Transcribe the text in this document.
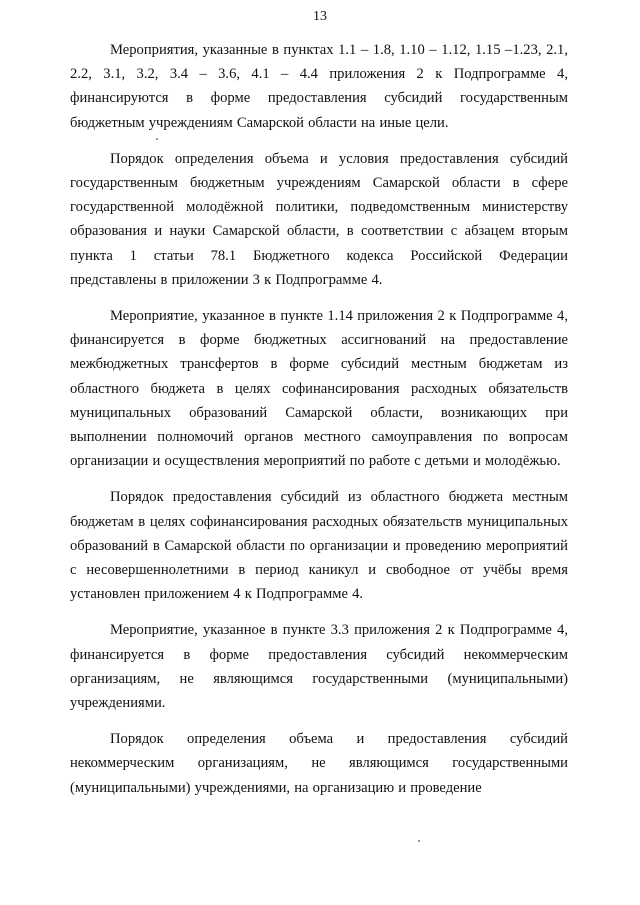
13

Мероприятия, указанные в пунктах 1.1 – 1.8, 1.10 – 1.12, 1.15 –1.23, 2.1, 2.2, 3.1, 3.2, 3.4 – 3.6, 4.1 – 4.4 приложения 2 к Подпрограмме 4, финансируются в форме предоставления субсидий государственным бюджетным учреждениям Самарской области на иные цели.

Порядок определения объема и условия предоставления субсидий государственным бюджетным учреждениям Самарской области в сфере государственной молодёжной политики, подведомственным министерству образования и науки Самарской области, в соответствии с абзацем вторым пункта 1 статьи 78.1 Бюджетного кодекса Российской Федерации представлены в приложении 3 к Подпрограмме 4.

Мероприятие, указанное в пункте 1.14 приложения 2 к Подпрограмме 4, финансируется в форме бюджетных ассигнований на предоставление межбюджетных трансфертов в форме субсидий местным бюджетам из областного бюджета в целях софинансирования расходных обязательств муниципальных образований Самарской области, возникающих при выполнении полномочий органов местного самоуправления по вопросам организации и осуществления мероприятий по работе с детьми и молодёжью.

Порядок предоставления субсидий из областного бюджета местным бюджетам в целях софинансирования расходных обязательств муниципальных образований в Самарской области по организации и проведению мероприятий с несовершеннолетними в период каникул и свободное от учёбы время установлен приложением 4 к Подпрограмме 4.

Мероприятие, указанное в пункте 3.3 приложения 2 к Подпрограмме 4, финансируется в форме предоставления субсидий некоммерческим организациям, не являющимся государственными (муниципальными) учреждениями.

Порядок определения объема и предоставления субсидий некоммерческим организациям, не являющимся государственными (муниципальными) учреждениями, на организацию и проведение
